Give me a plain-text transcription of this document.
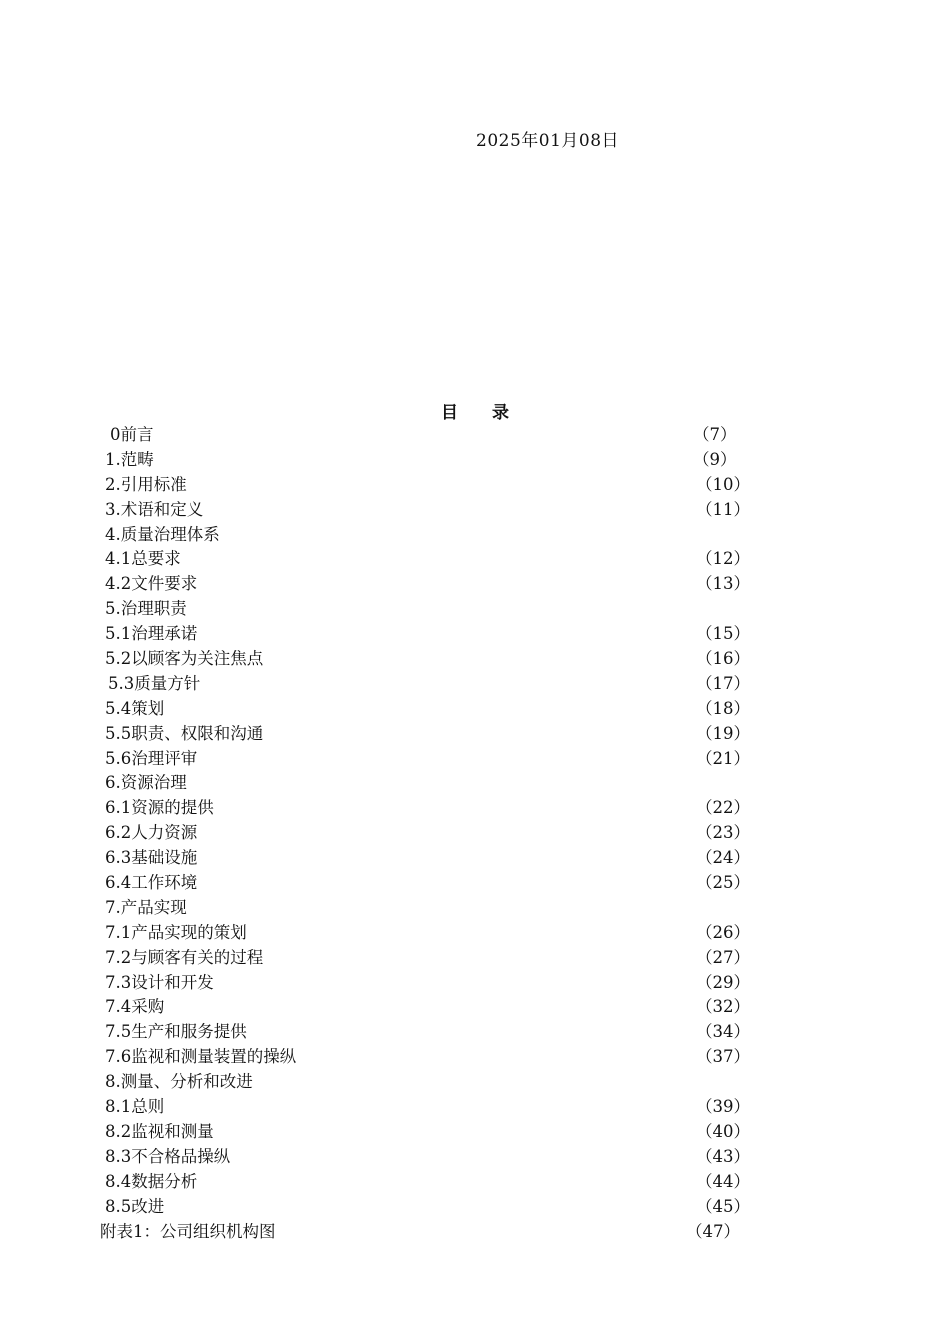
2025年01月08日
目 录
0前言	（7）
1.范畴	（9）
2.引用标准	（10）
3.术语和定义	（11）
4.质量治理体系
4.1总要求	（12）
4.2文件要求	（13）
5.治理职责
5.1治理承诺	（15）
5.2以顾客为关注焦点	（16）
5.3质量方针	（17）
5.4策划	（18）
5.5职责、权限和沟通	（19）
5.6治理评审	（21）
6.资源治理
6.1资源的提供	（22）
6.2人力资源	（23）
6.3基础设施	（24）
6.4工作环境	（25）
7.产品实现
7.1产品实现的策划	（26）
7.2与顾客有关的过程	（27）
7.3设计和开发	（29）
7.4采购	（32）
7.5生产和服务提供	（34）
7.6监视和测量装置的操纵	（37）
8.测量、分析和改进
8.1总则	（39）
8.2监视和测量	（40）
8.3不合格品操纵	（43）
8.4数据分析	（44）
8.5改进	（45）
附表1：公司组织机构图	（47）
